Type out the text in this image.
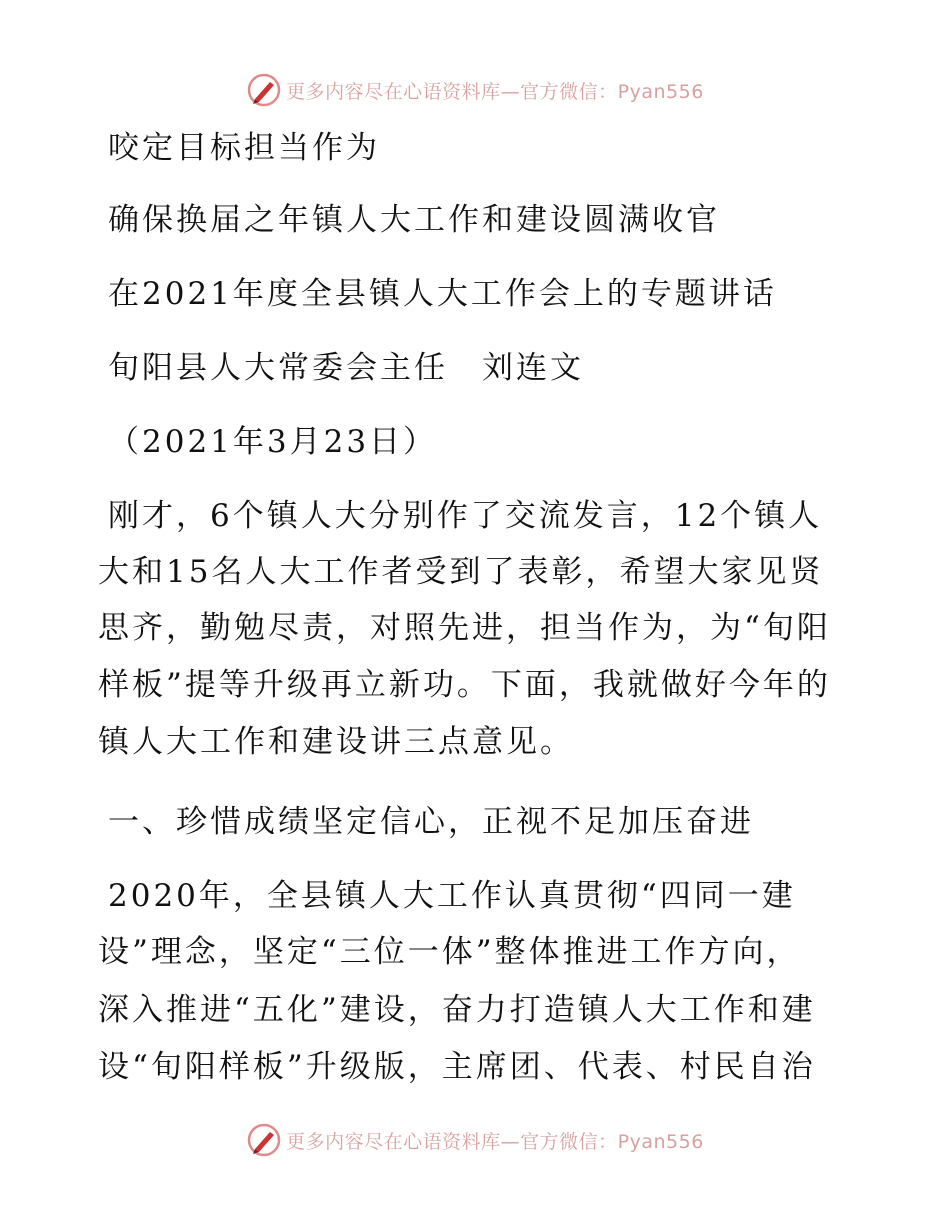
更多内容尽在心语资料库—官方微信：Pyan556

咬定目标担当作为

确保换届之年镇人大工作和建设圆满收官

在2021年度全县镇人大工作会上的专题讲话

旬阳县人大常委会主任　刘连文

（2021年3月23日）

刚才，6个镇人大分别作了交流发言，12个镇人

大和15名人大工作者受到了表彰，希望大家见贤

思齐，勤勉尽责，对照先进，担当作为，为“旬阳

样板”提等升级再立新功。下面，我就做好今年的

镇人大工作和建设讲三点意见。

一、珍惜成绩坚定信心，正视不足加压奋进

2020年，全县镇人大工作认真贯彻“四同一建

设”理念，坚定“三位一体”整体推进工作方向，

深入推进“五化”建设，奋力打造镇人大工作和建

设“旬阳样板”升级版，主席团、代表、村民自治

更多内容尽在心语资料库—官方微信：Pyan556
